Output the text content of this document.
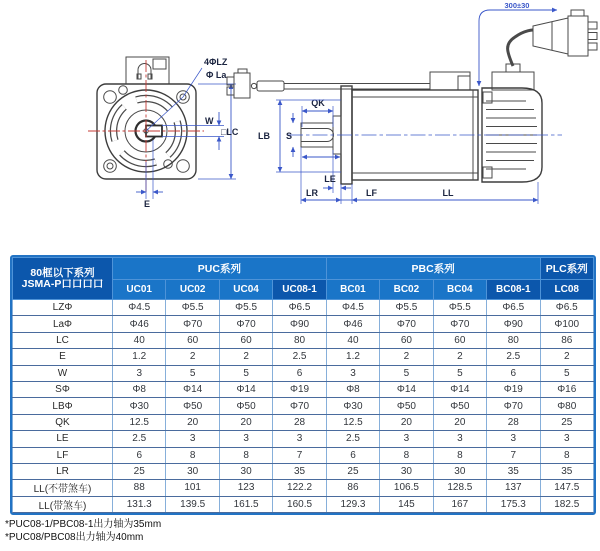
4ΦLZ
Φ La
W
□LC
E
QK
LB S
LE
LR	LF	LL
300±30
80框以下系列
JSMA-P口口口口	PUC系列				PBC系列				PLC系列
	UC01	UC02	UC04	UC08-1	BC01	BC02	BC04	BC08-1	LC08
LZΦ	Φ4.5	Φ5.5	Φ5.5	Φ6.5	Φ4.5	Φ5.5	Φ5.5	Φ6.5	Φ6.5
LaΦ	Φ46	Φ70	Φ70	Φ90	Φ46	Φ70	Φ70	Φ90	Φ100
LC	40	60	60	80	40	60	60	80	86
E	1.2	2	2	2.5	1.2	2	2	2.5	2
W	3	5	5	6	3	5	5	6	5
SΦ	Φ8	Φ14	Φ14	Φ19	Φ8	Φ14	Φ14	Φ19	Φ16
LBΦ	Φ30	Φ50	Φ50	Φ70	Φ30	Φ50	Φ50	Φ70	Φ80
QK	12.5	20	20	28	12.5	20	20	28	25
LE	2.5	3	3	3	2.5	3	3	3	3
LF	6	8	8	7	6	8	8	7	8
LR	25	30	30	35	25	30	30	35	35
LL(不带煞车)	88	101	123	122.2	86	106.5	128.5	137	147.5
LL(带煞车)	131.3	139.5	161.5	160.5	129.3	145	167	175.3	182.5
*PUC08-1/PBC08-1出力轴为35mm
*PUC08/PBC08出力轴为40mm
